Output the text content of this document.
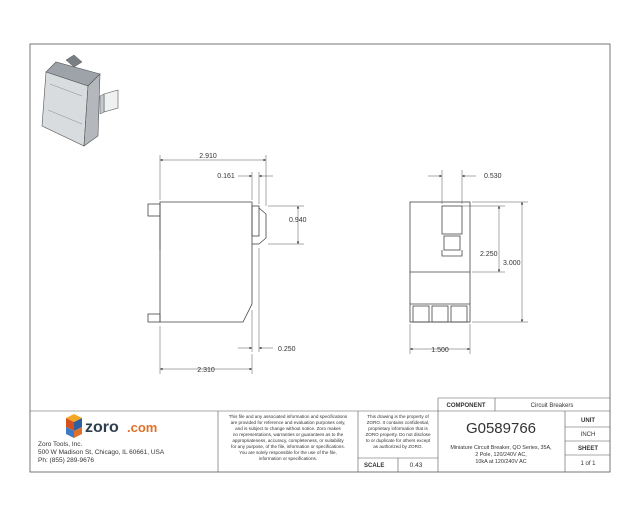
2.910
0.161
0.940
0.250
2.310
0.530
2.250
3.000
1.500
zoro .com
Zoro Tools, Inc.
500 W Madison St, Chicago, IL 60661, USA
Ph: (855) 289-9676
This file and any associated information and specifications
are provided for reference and evaluation purposes only,
and is subject to change without notice. Zoro makes
no representations, warranties or guarantees as to the
appropriateness, accuracy, completeness, or suitability
for any purpose, of the file, information or specifications.
You are solely responsible for the use of the file,
information or specifications.
This drawing is the property of
ZORO. It contains confidential,
proprietary information that is
ZORO property. Do not disclose
to or duplicate for others except
as authorized by ZORO.
SCALE	0.43
COMPONENT	Circuit Breakers
G0589766
Miniature Circuit Breaker, QO Series, 35A,
2 Pole, 120/240V AC,
10kA at 120/240V AC
UNIT
INCH
SHEET
1 of 1
